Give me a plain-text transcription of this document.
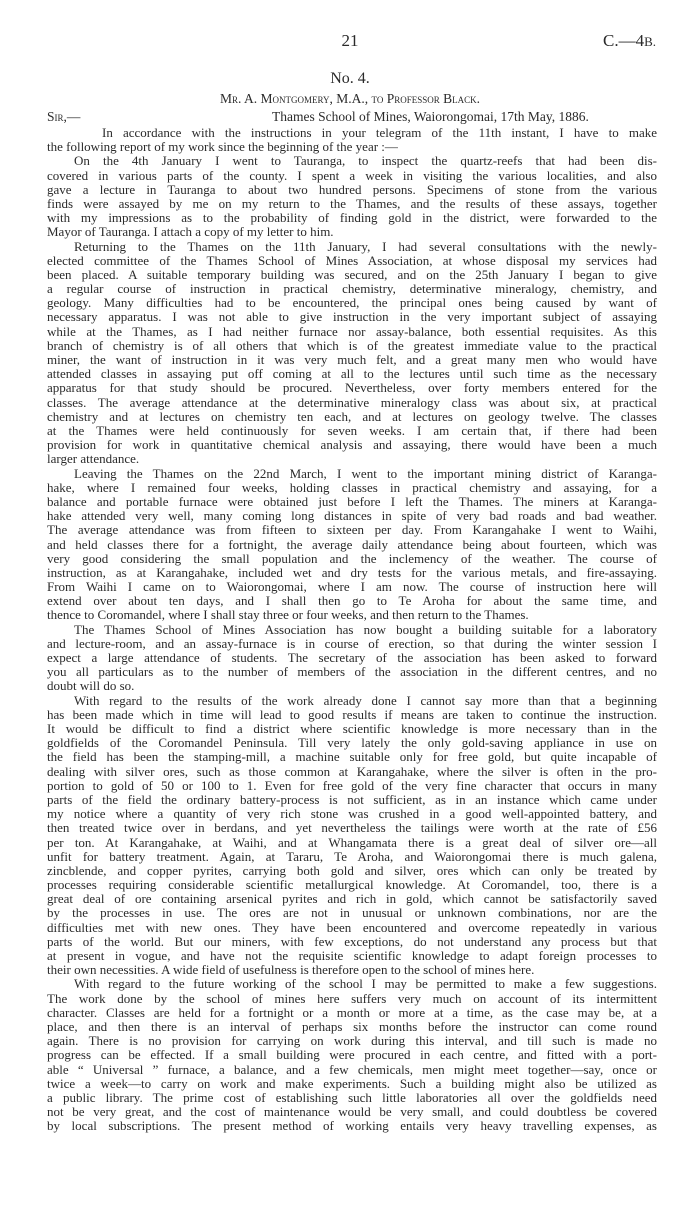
21	C.—4B.
No. 4.
Mr. A. Montgomery, M.A., to Professor Black.
Sir,—	Thames School of Mines, Waiorongomai, 17th May, 1886.
In accordance with the instructions in your telegram of the 11th instant, I have to make
the following report of my work since the beginning of the year :—
On the 4th January I went to Tauranga, to inspect the quartz-reefs that had been dis-
covered in various parts of the county. I spent a week in visiting the various localities, and also
gave a lecture in Tauranga to about two hundred persons. Specimens of stone from the various
finds were assayed by me on my return to the Thames, and the results of these assays, together
with my impressions as to the probability of finding gold in the district, were forwarded to the
Mayor of Tauranga. I attach a copy of my letter to him.
Returning to the Thames on the 11th January, I had several consultations with the newly-
elected committee of the Thames School of Mines Association, at whose disposal my services had
been placed. A suitable temporary building was secured, and on the 25th January I began to give
a regular course of instruction in practical chemistry, determinative mineralogy, chemistry, and
geology. Many difficulties had to be encountered, the principal ones being caused by want of
necessary apparatus. I was not able to give instruction in the very important subject of assaying
while at the Thames, as I had neither furnace nor assay-balance, both essential requisites. As this
branch of chemistry is of all others that which is of the greatest immediate value to the practical
miner, the want of instruction in it was very much felt, and a great many men who would have
attended classes in assaying put off coming at all to the lectures until such time as the necessary
apparatus for that study should be procured. Nevertheless, over forty members entered for the
classes. The average attendance at the determinative mineralogy class was about six, at practical
chemistry and at lectures on chemistry ten each, and at lectures on geology twelve. The classes
at the Thames were held continuously for seven weeks. I am certain that, if there had been
provision for work in quantitative chemical analysis and assaying, there would have been a much
larger attendance.
Leaving the Thames on the 22nd March, I went to the important mining district of Karanga-
hake, where I remained four weeks, holding classes in practical chemistry and assaying, for a
balance and portable furnace were obtained just before I left the Thames. The miners at Karanga-
hake attended very well, many coming long distances in spite of very bad roads and bad weather.
The average attendance was from fifteen to sixteen per day. From Karangahake I went to Waihi,
and held classes there for a fortnight, the average daily attendance being about fourteen, which was
very good considering the small population and the inclemency of the weather. The course of
instruction, as at Karangahake, included wet and dry tests for the various metals, and fire-assaying.
From Waihi I came on to Waiorongomai, where I am now. The course of instruction here will
extend over about ten days, and I shall then go to Te Aroha for about the same time, and
thence to Coromandel, where I shall stay three or four weeks, and then return to the Thames.
The Thames School of Mines Association has now bought a building suitable for a laboratory
and lecture-room, and an assay-furnace is in course of erection, so that during the winter session I
expect a large attendance of students. The secretary of the association has been asked to forward
you all particulars as to the number of members of the association in the different centres, and no
doubt will do so.
With regard to the results of the work already done I cannot say more than that a beginning
has been made which in time will lead to good results if means are taken to continue the instruction.
It would be difficult to find a district where scientific knowledge is more necessary than in the
goldfields of the Coromandel Peninsula. Till very lately the only gold-saving appliance in use on
the field has been the stamping-mill, a machine suitable only for free gold, but quite incapable of
dealing with silver ores, such as those common at Karangahake, where the silver is often in the pro-
portion to gold of 50 or 100 to 1. Even for free gold of the very fine character that occurs in many
parts of the field the ordinary battery-process is not sufficient, as in an instance which came under
my notice where a quantity of very rich stone was crushed in a good well-appointed battery, and
then treated twice over in berdans, and yet nevertheless the tailings were worth at the rate of £56
per ton. At Karangahake, at Waihi, and at Whangamata there is a great deal of silver ore—all
unfit for battery treatment. Again, at Tararu, Te Aroha, and Waiorongomai there is much galena,
zincblende, and copper pyrites, carrying both gold and silver, ores which can only be treated by
processes requiring considerable scientific metallurgical knowledge. At Coromandel, too, there is a
great deal of ore containing arsenical pyrites and rich in gold, which cannot be satisfactorily saved
by the processes in use. The ores are not in unusual or unknown combinations, nor are the
difficulties met with new ones. They have been encountered and overcome repeatedly in various
parts of the world. But our miners, with few exceptions, do not understand any process but that
at present in vogue, and have not the requisite scientific knowledge to adapt foreign processes to
their own necessities. A wide field of usefulness is therefore open to the school of mines here.
With regard to the future working of the school I may be permitted to make a few suggestions.
The work done by the school of mines here suffers very much on account of its intermittent
character. Classes are held for a fortnight or a month or more at a time, as the case may be, at a
place, and then there is an interval of perhaps six months before the instructor can come round
again. There is no provision for carrying on work during this interval, and till such is made no
progress can be effected. If a small building were procured in each centre, and fitted with a port-
able “ Universal ” furnace, a balance, and a few chemicals, men might meet together—say, once or
twice a week—to carry on work and make experiments. Such a building might also be utilized as
a public library. The prime cost of establishing such little laboratories all over the goldfields need
not be very great, and the cost of maintenance would be very small, and could doubtless be covered
by local subscriptions. The present method of working entails very heavy travelling expenses, as
